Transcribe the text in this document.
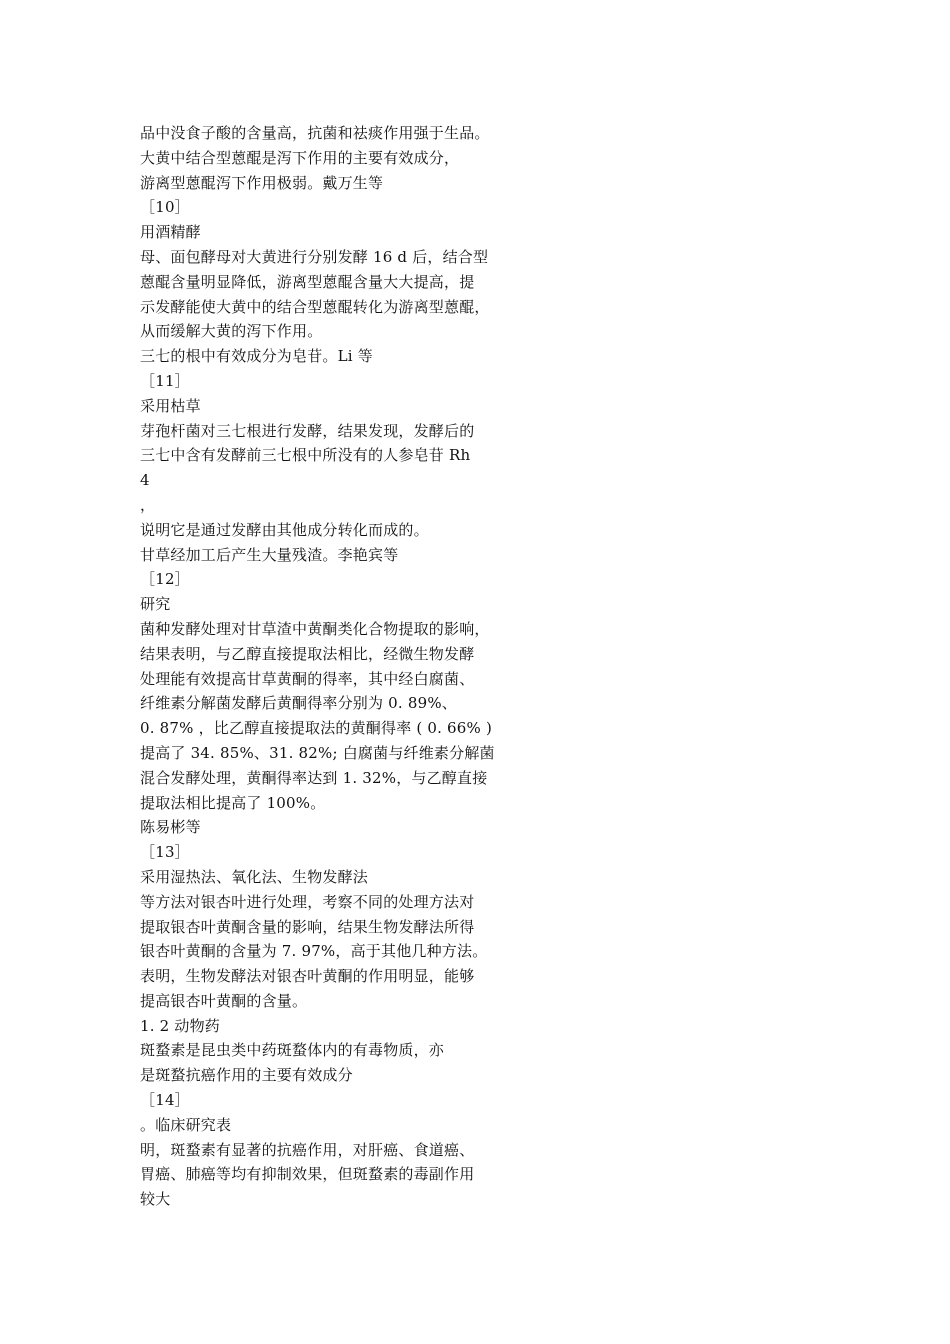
品中没食子酸的含量高，抗菌和祛痰作用强于生品。
大黄中结合型蒽醌是泻下作用的主要有效成分，
游离型蒽醌泻下作用极弱。戴万生等
［10］
用酒精酵
母、面包酵母对大黄进行分别发酵 16 d 后，结合型
蒽醌含量明显降低，游离型蒽醌含量大大提高，提
示发酵能使大黄中的结合型蒽醌转化为游离型蒽醌，
从而缓解大黄的泻下作用。
三七的根中有效成分为皂苷。Li 等
［11］
采用枯草
芽孢杆菌对三七根进行发酵，结果发现，发酵后的
三七中含有发酵前三七根中所没有的人参皂苷 Rh
4
，
说明它是通过发酵由其他成分转化而成的。
甘草经加工后产生大量残渣。李艳宾等
［12］
研究
菌种发酵处理对甘草渣中黄酮类化合物提取的影响，
结果表明，与乙醇直接提取法相比，经微生物发酵
处理能有效提高甘草黄酮的得率，其中经白腐菌、
纤维素分解菌发酵后黄酮得率分别为 0. 89%、
0. 87% ，比乙醇直接提取法的黄酮得率 ( 0. 66% )
提高了 34. 85%、31. 82%; 白腐菌与纤维素分解菌
混合发酵处理，黄酮得率达到 1. 32%，与乙醇直接
提取法相比提高了 100%。
陈易彬等
［13］
采用湿热法、氧化法、生物发酵法
等方法对银杏叶进行处理，考察不同的处理方法对
提取银杏叶黄酮含量的影响，结果生物发酵法所得
银杏叶黄酮的含量为 7. 97%，高于其他几种方法。
表明，生物发酵法对银杏叶黄酮的作用明显，能够
提高银杏叶黄酮的含量。
1. 2 动物药
斑蝥素是昆虫类中药斑蝥体内的有毒物质，亦
是斑蝥抗癌作用的主要有效成分
［14］
。临床研究表
明，斑蝥素有显著的抗癌作用，对肝癌、食道癌、
胃癌、肺癌等均有抑制效果，但斑蝥素的毒副作用
较大
